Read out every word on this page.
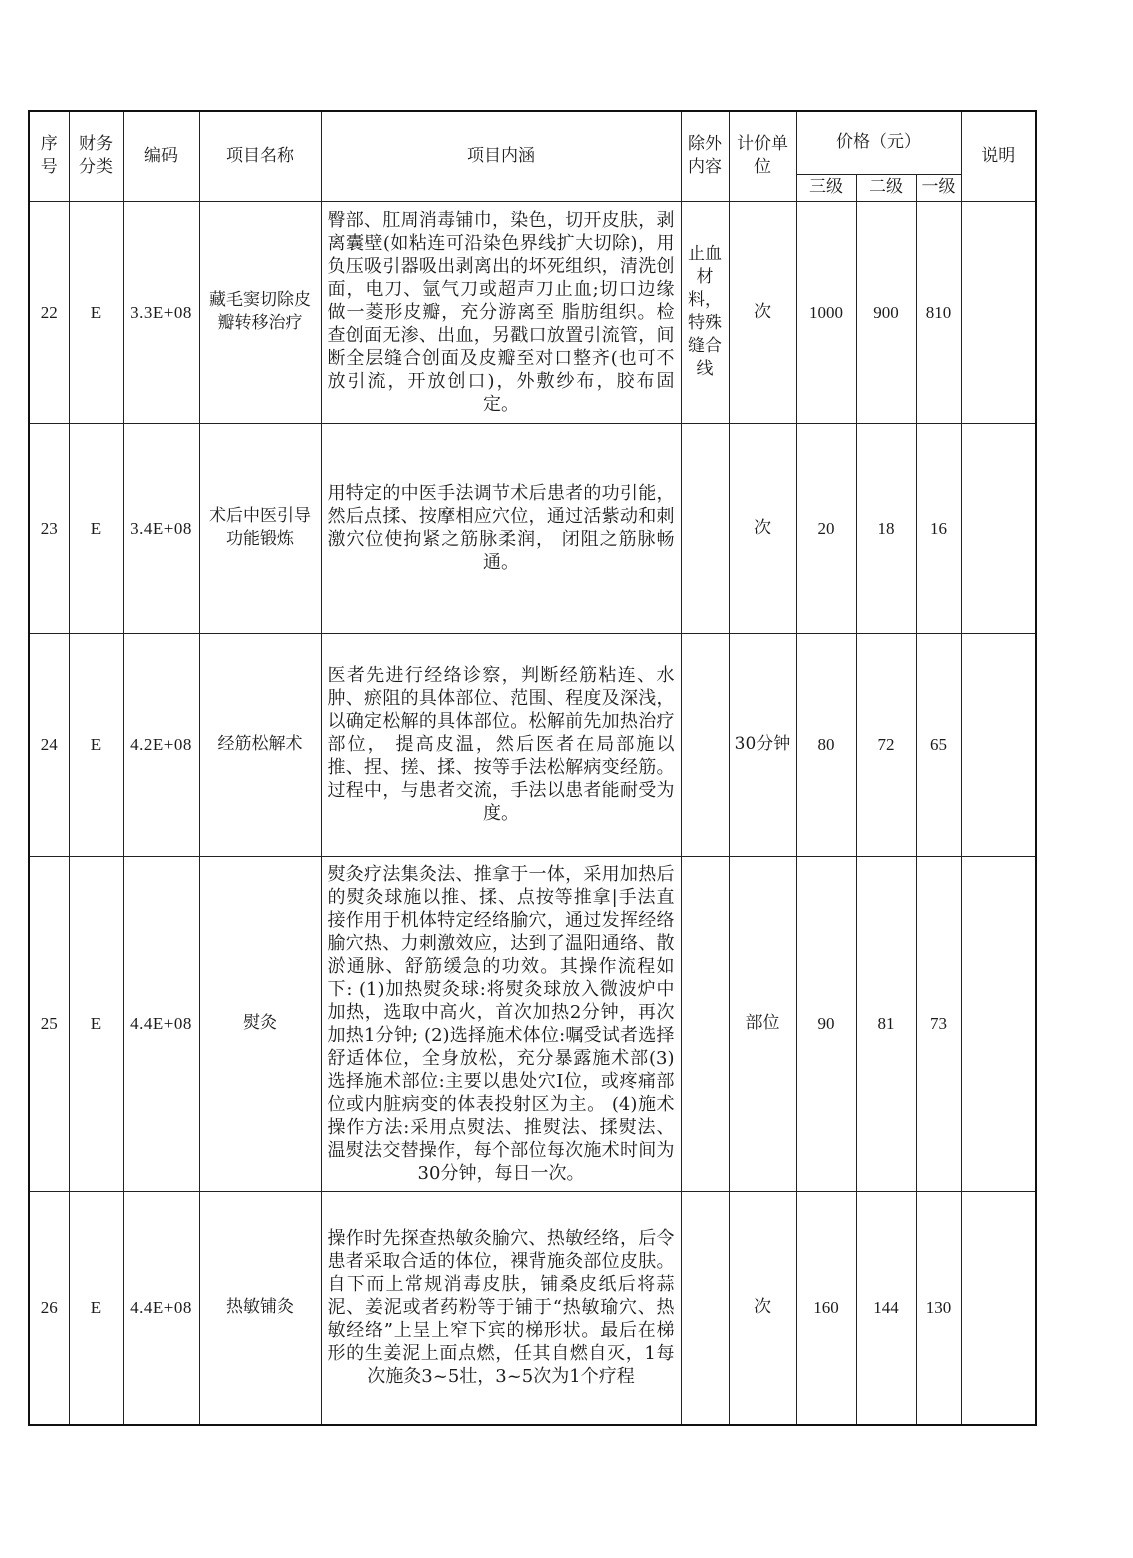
序号	财务分类	编码	项目名称	项目内涵	除外内容	计价单位	价格（元）			说明
							三级	二级	一级	
22	E	3.3E+08	藏毛窦切除皮瓣转移治疗	臀部、肛周消毒铺巾，染色，切开皮肤，剥离囊壁(如粘连可沿染色界线扩大切除)，用负压吸引器吸出剥离出的坏死组织，清洗创面，电刀、氩气刀或超声刀止血;切口边缘做一菱形皮瓣，充分游离至 脂肪组织。检查创面无渗、出血，另戳口放置引流管，间断全层缝合创面及皮瓣至对口整齐(也可不放引流，开放创口)，外敷纱布，胶布固定。	止血材料，特殊缝合线	次	1000	900	810	
23	E	3.4E+08	术后中医引导功能锻炼	用特定的中医手法调节术后患者的功引能，然后点揉、按摩相应穴位，通过活紫动和刺激穴位使拘紧之筋脉柔润， 闭阻之筋脉畅通。		次	20	18	16	
24	E	4.2E+08	经筋松解术	医者先进行经络诊察，判断经筋粘连、水肿、瘀阻的具体部位、范围、程度及深浅，以确定松解的具体部位。松解前先加热治疗部位， 提高皮温，然后医者在局部施以推、捏、搓、揉、按等手法松解病变经筋。过程中，与患者交流，手法以患者能耐受为度。		30分钟	80	72	65	
25	E	4.4E+08	熨灸	熨灸疗法集灸法、推拿于一体，采用加热后的熨灸球施以推、揉、点按等推拿|手法直接作用于机体特定经络腧穴，通过发挥经络腧穴热、力刺激效应，达到了温阳通络、散淤通脉、舒筋缓急的功效。其操作流程如下: (1)加热熨灸球:将熨灸球放入微波炉中加热，选取中高火，首次加热2分钟，再次加热1分钟; (2)选择施术体位:嘱受试者选择舒适体位，全身放松，充分暴露施术部(3)选择施术部位:主要以患处穴I位，或疼痛部位或内脏病变的体表投射区为主。 (4)施术操作方法:采用点熨法、推熨法、揉熨法、温熨法交替操作，每个部位每次施术时间为30分钟，每日一次。		部位	90	81	73	
26	E	4.4E+08	热敏铺灸	操作时先探查热敏灸腧穴、热敏经络，后令患者采取合适的体位，裸背施灸部位皮肤。自下而上常规消毒皮肤，铺桑皮纸后将蒜泥、姜泥或者药粉等于铺于“热敏瑜穴、热敏经络”上呈上窄下宾的梯形状。最后在梯形的生姜泥上面点燃，任其自燃自灭，1每次施灸3~5壮，3~5次为1个疗程		次	160	144	130	
